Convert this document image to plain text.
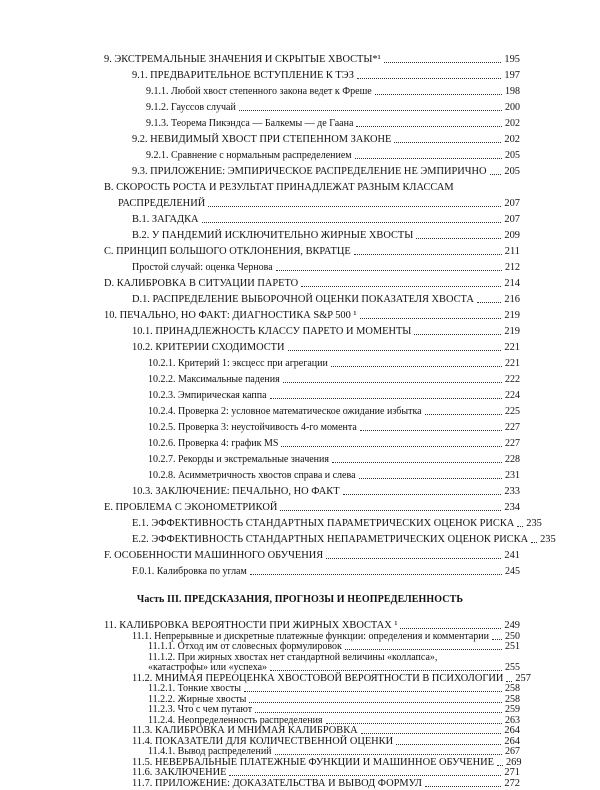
9. ЭКСТРЕМАЛЬНЫЕ ЗНАЧЕНИЯ И СКРЫТЫЕ ХВОСТЫ*¹	195
9.1. ПРЕДВАРИТЕЛЬНОЕ ВСТУПЛЕНИЕ К ТЭЗ	197
9.1.1. Любой хвост степенного закона ведет к Фреше	198
9.1.2. Гауссов случай	200
9.1.3. Теорема Пикэндса — Балкемы — де Гаана	202
9.2. НЕВИДИМЫЙ ХВОСТ ПРИ СТЕПЕННОМ ЗАКОНЕ	202
9.2.1. Сравнение с нормальным распределением	205
9.3. ПРИЛОЖЕНИЕ: ЭМПИРИЧЕСКОЕ РАСПРЕДЕЛЕНИЕ НЕ ЭМПИРИЧНО 205
B. СКОРОСТЬ РОСТА И РЕЗУЛЬТАТ ПРИНАДЛЕЖАТ РАЗНЫМ КЛАССАМ
РАСПРЕДЕЛЕНИЙ	207
B.1. ЗАГАДКА	207
B.2. У ПАНДЕМИЙ ИСКЛЮЧИТЕЛЬНО ЖИРНЫЕ ХВОСТЫ	209
C. ПРИНЦИП БОЛЬШОГО ОТКЛОНЕНИЯ, ВКРАТЦЕ	211
Простой случай: оценка Чернова	212
D. КАЛИБРОВКА В СИТУАЦИИ ПАРЕТО	214
D.1. РАСПРЕДЕЛЕНИЕ ВЫБОРОЧНОЙ ОЦЕНКИ ПОКАЗАТЕЛЯ ХВОСТА	216
10. ПЕЧАЛЬНО, НО ФАКТ: ДИАГНОСТИКА S&P 500 ¹	219
10.1. ПРИНАДЛЕЖНОСТЬ КЛАССУ ПАРЕТО И МОМЕНТЫ	219
10.2. КРИТЕРИИ СХОДИМОСТИ	221
10.2.1. Критерий 1: эксцесс при агрегации	221
10.2.2. Максимальные падения	222
10.2.3. Эмпирическая каппа	224
10.2.4. Проверка 2: условное математическое ожидание избытка	225
10.2.5. Проверка 3: неустойчивость 4-го момента	227
10.2.6. Проверка 4: график MS	227
10.2.7. Рекорды и экстремальные значения	228
10.2.8. Асимметричность хвостов справа и слева	231
10.3. ЗАКЛЮЧЕНИЕ: ПЕЧАЛЬНО, НО ФАКТ	233
E. ПРОБЛЕМА С ЭКОНОМЕТРИКОЙ	234
E.1. ЭФФЕКТИВНОСТЬ СТАНДАРТНЫХ ПАРАМЕТРИЧЕСКИХ ОЦЕНОК РИСКА 235
E.2. ЭФФЕКТИВНОСТЬ СТАНДАРТНЫХ НЕПАРАМЕТРИЧЕСКИХ ОЦЕНОК РИСКА 235
F. ОСОБЕННОСТИ МАШИННОГО ОБУЧЕНИЯ	241
F.0.1. Калибровка по углам	245
Часть III. ПРЕДСКАЗАНИЯ, ПРОГНОЗЫ И НЕОПРЕДЕЛЕННОСТЬ
11. КАЛИБРОВКА ВЕРОЯТНОСТИ ПРИ ЖИРНЫХ ХВОСТАХ ¹	249
11.1. Непрерывные и дискретные платежные функции: определения и комментарии 250
11.1.1. Отход им от словесных формулировок	251
11.1.2. При жирных хвостах нет стандартной величины «коллапса»,
«катастрофы» или «успеха»	255
11.2. МНИМАЯ ПЕРЕОЦЕНКА ХВОСТОВОЙ ВЕРОЯТНОСТИ В ПСИХОЛОГИИ 257
11.2.1. Тонкие хвосты	258
11.2.2. Жирные хвосты	258
11.2.3. Что с чем путают	259
11.2.4. Неопределенность распределения	263
11.3. КАЛИБРОВКА И МНИМАЯ КАЛИБРОВКА	264
11.4. ПОКАЗАТЕЛИ ДЛЯ КОЛИЧЕСТВЕННОЙ ОЦЕНКИ	264
11.4.1. Вывод распределений	267
11.5. НЕВЕРБАЛЬНЫЕ ПЛАТЕЖНЫЕ ФУНКЦИИ И МАШИННОЕ ОБУЧЕНИЕ 269
11.6. ЗАКЛЮЧЕНИЕ	271
11.7. ПРИЛОЖЕНИЕ: ДОКАЗАТЕЛЬСТВА И ВЫВОД ФОРМУЛ	272
